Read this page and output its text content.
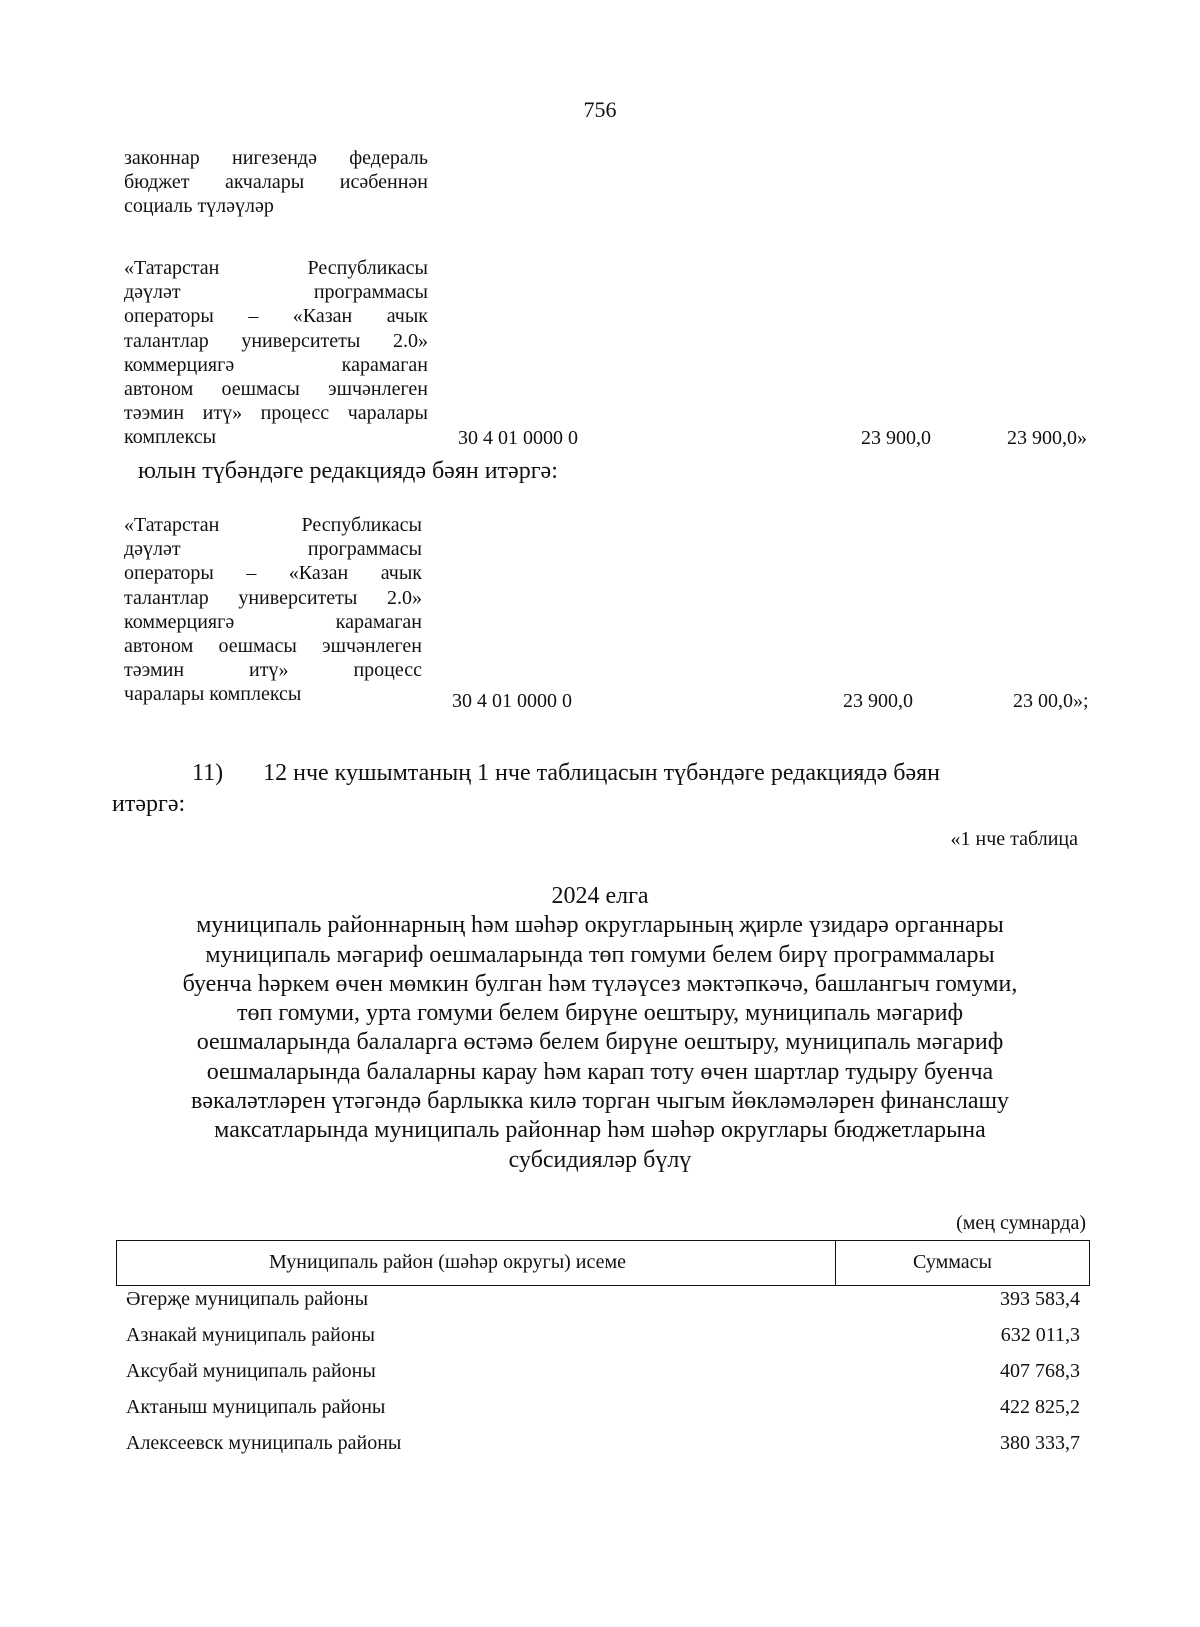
756
законнар нигезендә федераль
бюджет акчалары исәбеннән
социаль түләүләр
«Татарстан Республикасы
дәүләт программасы
операторы – «Казан ачык
талантлар университеты 2.0»
коммерциягә карамаган
автоном оешмасы эшчәнлеген
тәэмин итү» процесс чаралары
комплексы	30 4 01 0000 0	23 900,0	23 900,0»
юлын түбәндәге редакциядә бәян итәргә:
«Татарстан Республикасы
дәүләт программасы
операторы – «Казан ачык
талантлар университеты 2.0»
коммерциягә карамаган
автоном оешмасы эшчәнлеген
тәэмин итү» процесс
чаралары комплексы	30 4 01 0000 0	23 900,0	23 00,0»;
11) 12 нче кушымтаның 1 нче таблицасын түбәндәге редакциядә бәян
итәргә:
«1 нче таблица
2024 елга
муниципаль районнарның һәм шәһәр округларының җирле үзидарә органнары
муниципаль мәгариф оешмаларында төп гомуми белем бирү программалары
буенча һәркем өчен мөмкин булган һәм түләүсез мәктәпкәчә, башлангыч гомуми,
төп гомуми, урта гомуми белем бирүне оештыру, муниципаль мәгариф
оешмаларында балаларга өстәмә белем бирүне оештыру, муниципаль мәгариф
оешмаларында балаларны карау һәм карап тоту өчен шартлар тудыру буенча
вәкаләтләрен үтәгәндә барлыкка килә торган чыгым йөкләмәләрен финанслашу
максатларында муниципаль районнар һәм шәһәр округлары бюджетларына
субсидияләр бүлү
(мең сумнарда)
Муниципаль район (шәһәр округы) исеме	Суммасы
Әгерҗе муниципаль районы	393 583,4
Азнакай муниципаль районы	632 011,3
Аксубай муниципаль районы	407 768,3
Актаныш муниципаль районы	422 825,2
Алексеевск муниципаль районы	380 333,7
